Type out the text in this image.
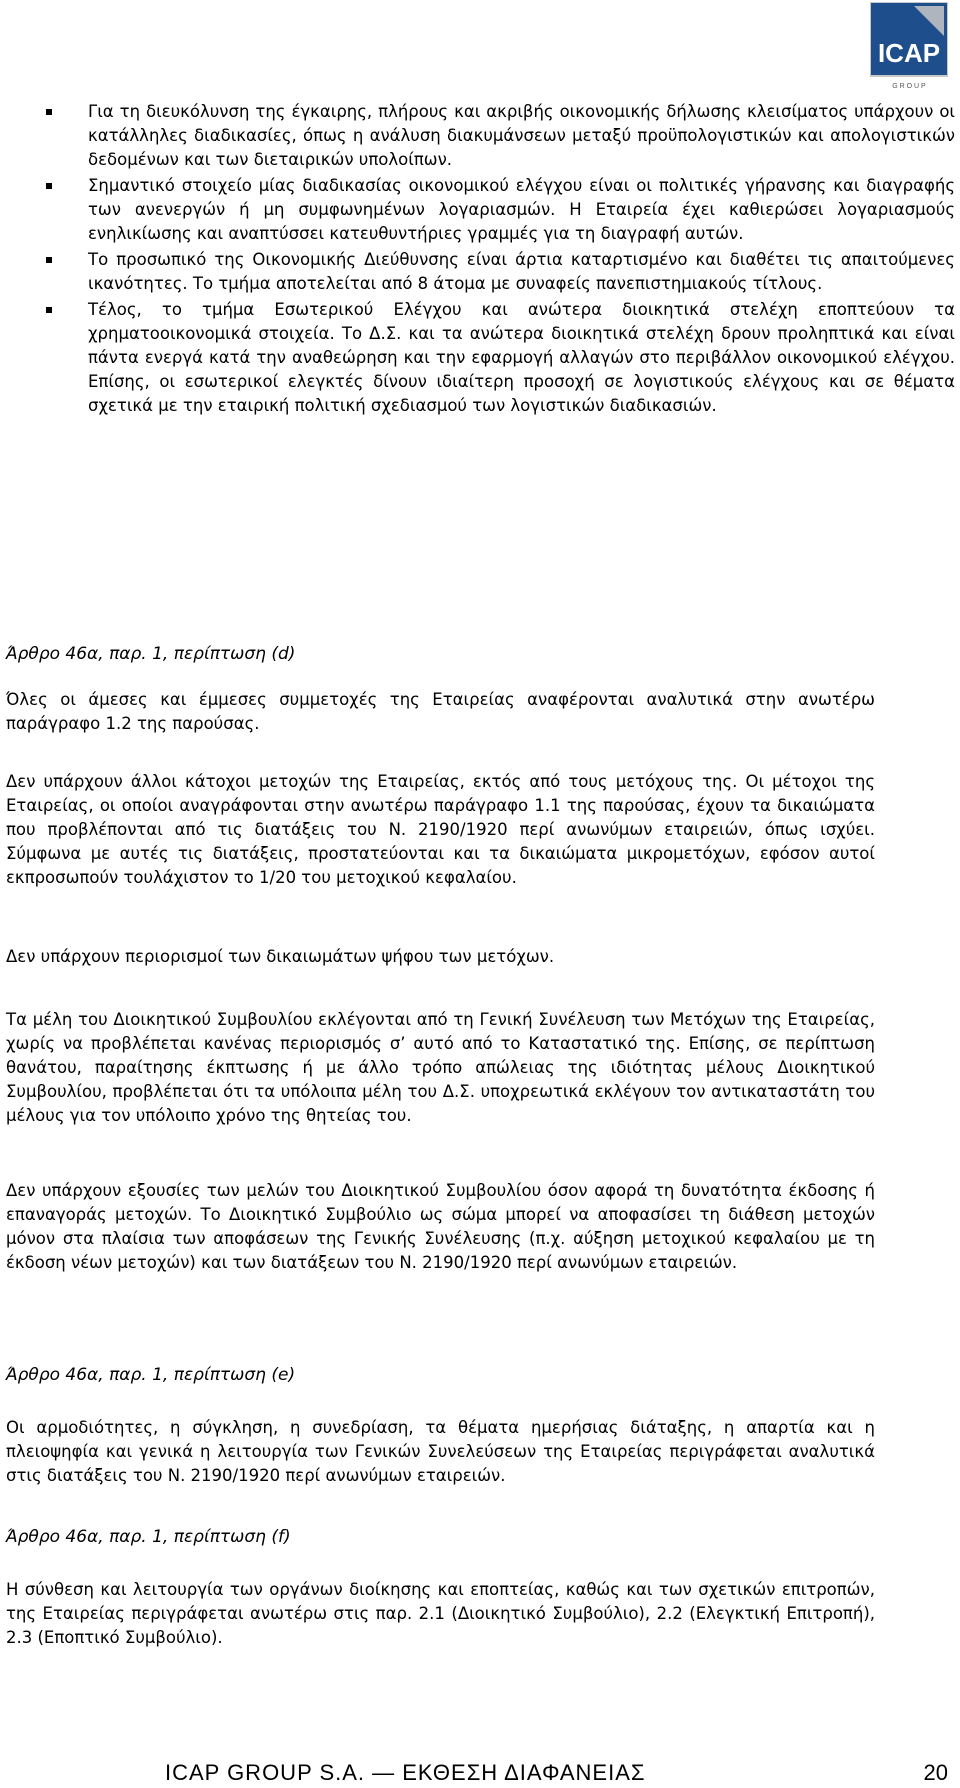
ICAP
G R O U P
Για τη διευκόλυνση της έγκαιρης, πλήρους και ακριβής οικονομικής δήλωσης κλεισίματος υπάρχουν οι κατάλληλες διαδικασίες, όπως η ανάλυση διακυμάνσεων μεταξύ προϋπολογιστικών και απολογιστικών δεδομένων και των διεταιρικών υπολοίπων.
Σημαντικό στοιχείο μίας διαδικασίας οικονομικού ελέγχου είναι οι πολιτικές γήρανσης και διαγραφής των ανενεργών ή μη συμφωνημένων λογαριασμών. Η Εταιρεία έχει καθιερώσει λογαριασμούς ενηλικίωσης και αναπτύσσει κατευθυντήριες γραμμές για τη διαγραφή αυτών.
Το προσωπικό της Οικονομικής Διεύθυνσης είναι άρτια καταρτισμένο και διαθέτει τις απαιτούμενες ικανότητες. Το τμήμα αποτελείται από 8 άτομα με συναφείς πανεπιστημιακούς τίτλους.
Τέλος, το τμήμα Εσωτερικού Ελέγχου και ανώτερα διοικητικά στελέχη εποπτεύουν τα χρηματοοικονομικά στοιχεία. Το Δ.Σ. και τα ανώτερα διοικητικά στελέχη δρουν προληπτικά και είναι πάντα ενεργά κατά την αναθεώρηση και την εφαρμογή αλλαγών στο περιβάλλον οικονομικού ελέγχου. Επίσης, οι εσωτερικοί ελεγκτές δίνουν ιδιαίτερη προσοχή σε λογιστικούς ελέγχους και σε θέματα σχετικά με την εταιρική πολιτική σχεδιασμού των λογιστικών διαδικασιών.
Άρθρο 46α, παρ. 1, περίπτωση (d)

Όλες οι άμεσες και έμμεσες συμμετοχές της Εταιρείας αναφέρονται αναλυτικά στην ανωτέρω παράγραφο 1.2 της παρούσας.

Δεν υπάρχουν άλλοι κάτοχοι μετοχών της Εταιρείας, εκτός από τους μετόχους της. Οι μέτοχοι της Εταιρείας, οι οποίοι αναγράφονται στην ανωτέρω παράγραφο 1.1 της παρούσας, έχουν τα δικαιώματα που προβλέπονται από τις διατάξεις του Ν. 2190/1920 περί ανωνύμων εταιρειών, όπως ισχύει. Σύμφωνα με αυτές τις διατάξεις, προστατεύονται και τα δικαιώματα μικρομετόχων, εφόσον αυτοί εκπροσωπούν τουλάχιστον το 1/20 του μετοχικού κεφαλαίου.

Δεν υπάρχουν περιορισμοί των δικαιωμάτων ψήφου των μετόχων.

Τα μέλη του Διοικητικού Συμβουλίου εκλέγονται από τη Γενική Συνέλευση των Μετόχων της Εταιρείας, χωρίς να προβλέπεται κανένας περιορισμός σ’ αυτό από το Καταστατικό της. Επίσης, σε περίπτωση θανάτου, παραίτησης έκπτωσης ή με άλλο τρόπο απώλειας της ιδιότητας μέλους Διοικητικού Συμβουλίου, προβλέπεται ότι τα υπόλοιπα μέλη του Δ.Σ. υποχρεωτικά εκλέγουν τον αντικαταστάτη του μέλους για τον υπόλοιπο χρόνο της θητείας του.

Δεν υπάρχουν εξουσίες των μελών του Διοικητικού Συμβουλίου όσον αφορά τη δυνατότητα έκδοσης ή επαναγοράς μετοχών. Το Διοικητικό Συμβούλιο ως σώμα μπορεί να αποφασίσει τη διάθεση μετοχών μόνον στα πλαίσια των αποφάσεων της Γενικής Συνέλευσης (π.χ. αύξηση μετοχικού κεφαλαίου με τη έκδοση νέων μετοχών) και των διατάξεων του Ν. 2190/1920 περί ανωνύμων εταιρειών.

Άρθρο 46α, παρ. 1, περίπτωση (e)

Οι αρμοδιότητες, η σύγκληση, η συνεδρίαση, τα θέματα ημερήσιας διάταξης, η απαρτία και η πλειοψηφία και γενικά η λειτουργία των Γενικών Συνελεύσεων της Εταιρείας περιγράφεται αναλυτικά στις διατάξεις του Ν. 2190/1920 περί ανωνύμων εταιρειών.

Άρθρο 46α, παρ. 1, περίπτωση (f)

Η σύνθεση και λειτουργία των οργάνων διοίκησης και εποπτείας, καθώς και των σχετικών επιτροπών, της Εταιρείας περιγράφεται ανωτέρω στις παρ. 2.1 (Διοικητικό Συμβούλιο), 2.2 (Ελεγκτική Επιτροπή), 2.3 (Εποπτικό Συμβούλιο).

ICAP GROUP S.A. — ΕΚΘΕΣΗ ΔΙΑΦΑΝΕΙΑΣ	20
